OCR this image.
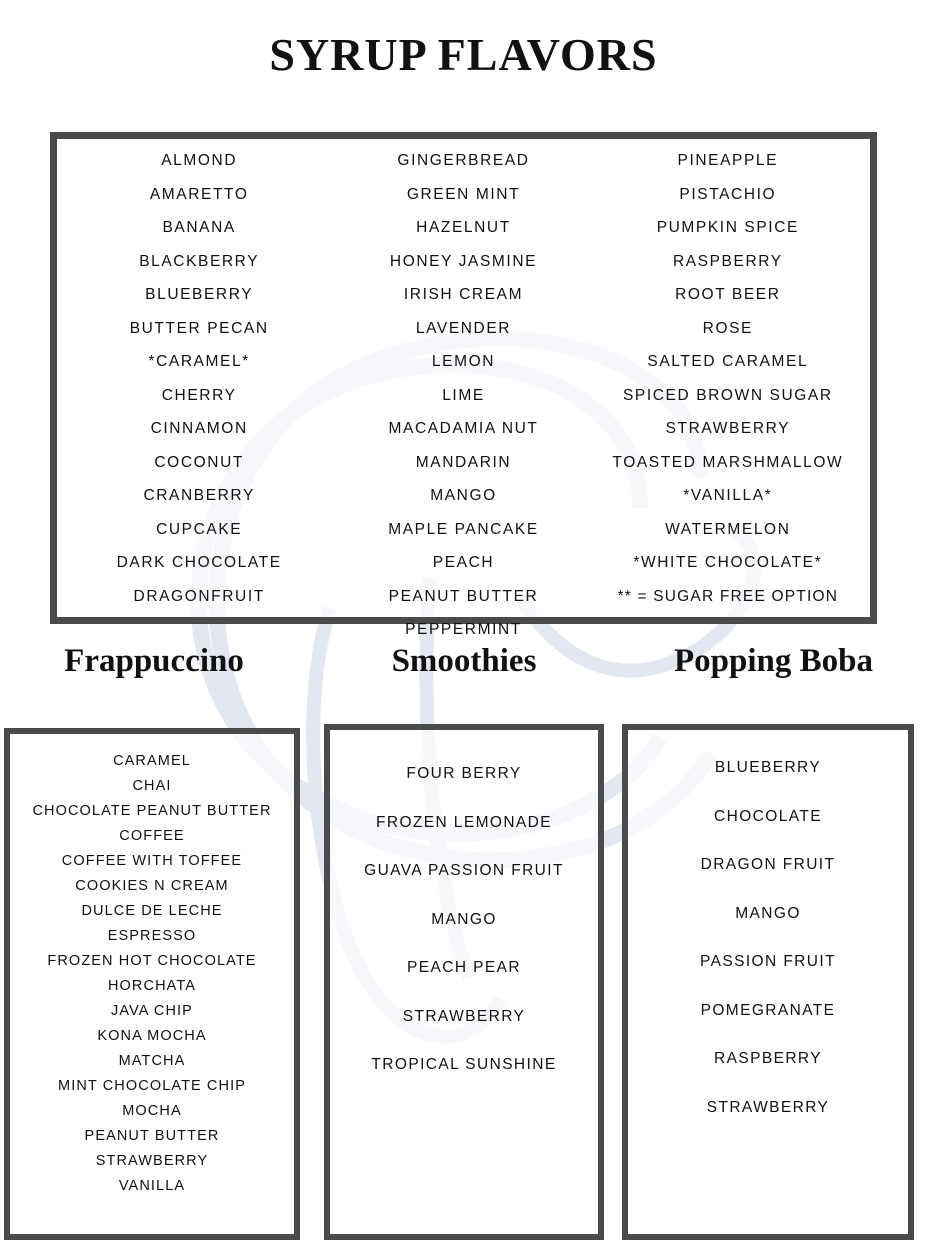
SYRUP FLAVORS
ALMOND
AMARETTO
BANANA
BLACKBERRY
BLUEBERRY
BUTTER PECAN
*CARAMEL*
CHERRY
CINNAMON
COCONUT
CRANBERRY
CUPCAKE
DARK CHOCOLATE
DRAGONFRUIT
GINGERBREAD
GREEN MINT
HAZELNUT
HONEY JASMINE
IRISH CREAM
LAVENDER
LEMON
LIME
MACADAMIA NUT
MANDARIN
MANGO
MAPLE PANCAKE
PEACH
PEANUT BUTTER
PEPPERMINT
PINEAPPLE
PISTACHIO
PUMPKIN SPICE
RASPBERRY
ROOT BEER
ROSE
SALTED CARAMEL
SPICED BROWN SUGAR
STRAWBERRY
TOASTED MARSHMALLOW
*VANILLA*
WATERMELON
*WHITE CHOCOLATE*
** = SUGAR FREE OPTION
Frappuccino	Smoothies	Popping Boba
CARAMEL
CHAI
CHOCOLATE PEANUT BUTTER
COFFEE
COFFEE WITH TOFFEE
COOKIES N CREAM
DULCE DE LECHE
ESPRESSO
FROZEN HOT CHOCOLATE
HORCHATA
JAVA CHIP
KONA MOCHA
MATCHA
MINT CHOCOLATE CHIP
MOCHA
PEANUT BUTTER
STRAWBERRY
VANILLA
FOUR BERRY
FROZEN LEMONADE
GUAVA PASSION FRUIT
MANGO
PEACH PEAR
STRAWBERRY
TROPICAL SUNSHINE
BLUEBERRY
CHOCOLATE
DRAGON FRUIT
MANGO
PASSION FRUIT
POMEGRANATE
RASPBERRY
STRAWBERRY
